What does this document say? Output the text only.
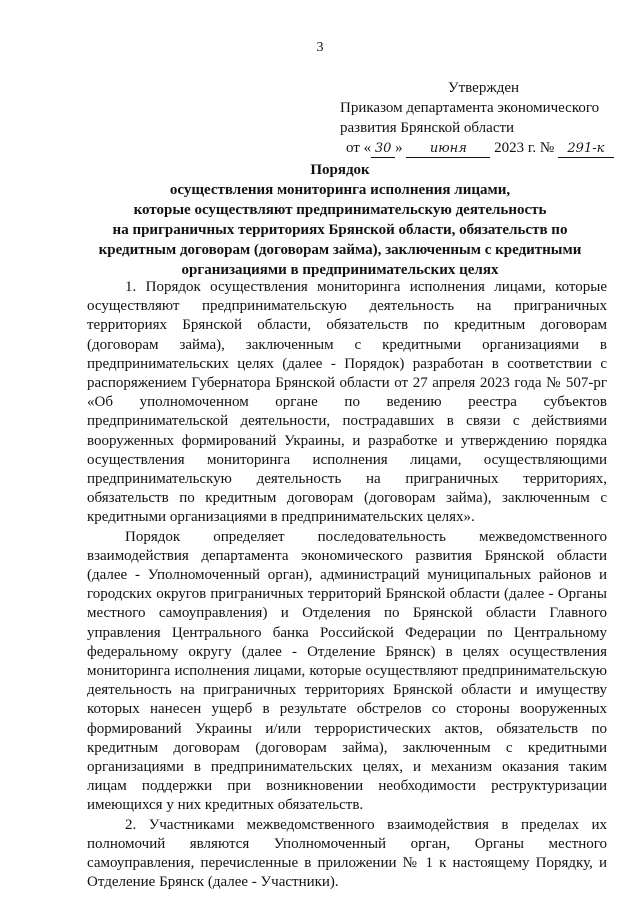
3
Утвержден
Приказом департамента экономического
развития Брянской области
от « 30 » июня 2023 г. № 291-к
Порядок
осуществления мониторинга исполнения лицами,
которые осуществляют предпринимательскую деятельность
на приграничных территориях Брянской области, обязательств по
кредитным договорам (договорам займа), заключенным с кредитными
организациями в предпринимательских целях

1. Порядок осуществления мониторинга исполнения лицами, которые осуществляют предпринимательскую деятельность на приграничных территориях Брянской области, обязательств по кредитным договорам (договорам займа), заключенным с кредитными организациями в предпринимательских целях (далее - Порядок) разработан в соответствии с распоряжением Губернатора Брянской области от 27 апреля 2023 года № 507-рг «Об уполномоченном органе по ведению реестра субъектов предпринимательской деятельности, пострадавших в связи с действиями вооруженных формирований Украины, и разработке и утверждению порядка осуществления мониторинга исполнения лицами, осуществляющими предпринимательскую деятельность на приграничных территориях, обязательств по кредитным договорам (договорам займа), заключенным с кредитными организациями в предпринимательских целях».

Порядок определяет последовательность межведомственного взаимодействия департамента экономического развития Брянской области (далее - Уполномоченный орган), администраций муниципальных районов и городских округов приграничных территорий Брянской области (далее - Органы местного самоуправления) и Отделения по Брянской области Главного управления Центрального банка Российской Федерации по Центральному федеральному округу (далее - Отделение Брянск) в целях осуществления мониторинга исполнения лицами, которые осуществляют предпринимательскую деятельность на приграничных территориях Брянской области и имуществу которых нанесен ущерб в результате обстрелов со стороны вооруженных формирований Украины и/или террористических актов, обязательств по кредитным договорам (договорам займа), заключенным с кредитными организациями в предпринимательских целях, и механизм оказания таким лицам поддержки при возникновении необходимости реструктуризации имеющихся у них кредитных обязательств.

2. Участниками межведомственного взаимодействия в пределах их полномочий являются Уполномоченный орган, Органы местного самоуправления, перечисленные в приложении № 1 к настоящему Порядку, и Отделение Брянск (далее - Участники).
